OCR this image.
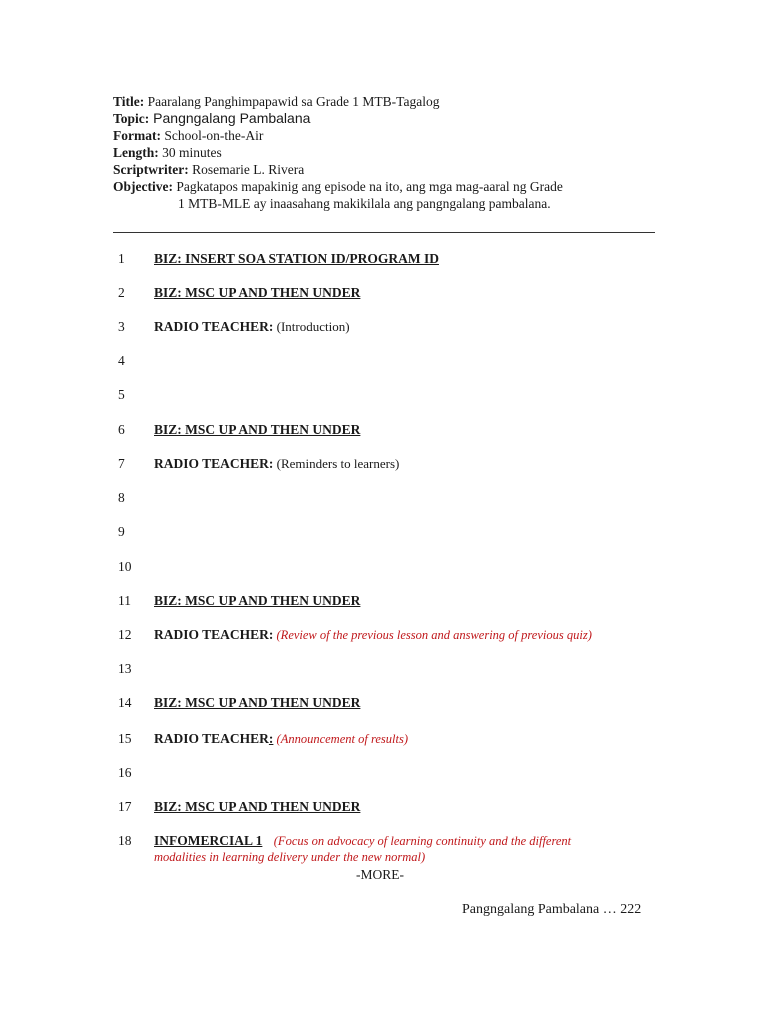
Title: Paaralang Panghimpapawid sa Grade 1 MTB-Tagalog
Topic: Pangngalang Pambalana
Format: School-on-the-Air
Length: 30 minutes
Scriptwriter: Rosemarie L. Rivera
Objective: Pagkatapos mapakinig ang episode na ito, ang mga mag-aaral ng Grade
1 MTB-MLE ay inaasahang makikilala ang pangngalang pambalana.
1	BIZ: INSERT SOA STATION ID/PROGRAM ID
2	BIZ: MSC UP AND THEN UNDER
3	RADIO TEACHER: (Introduction)
4
5
6	BIZ: MSC UP AND THEN UNDER
7	RADIO TEACHER: (Reminders to learners)
8
9
10
11	BIZ: MSC UP AND THEN UNDER
12	RADIO TEACHER: (Review of the previous lesson and answering of previous quiz)
13
14	BIZ: MSC UP AND THEN UNDER
15	RADIO TEACHER: (Announcement of results)
16
17	BIZ: MSC UP AND THEN UNDER
18	INFOMERCIAL 1 (Focus on advocacy of learning continuity and the different
modalities in learning delivery under the new normal)
-MORE-
Pangngalang Pambalana … 222
